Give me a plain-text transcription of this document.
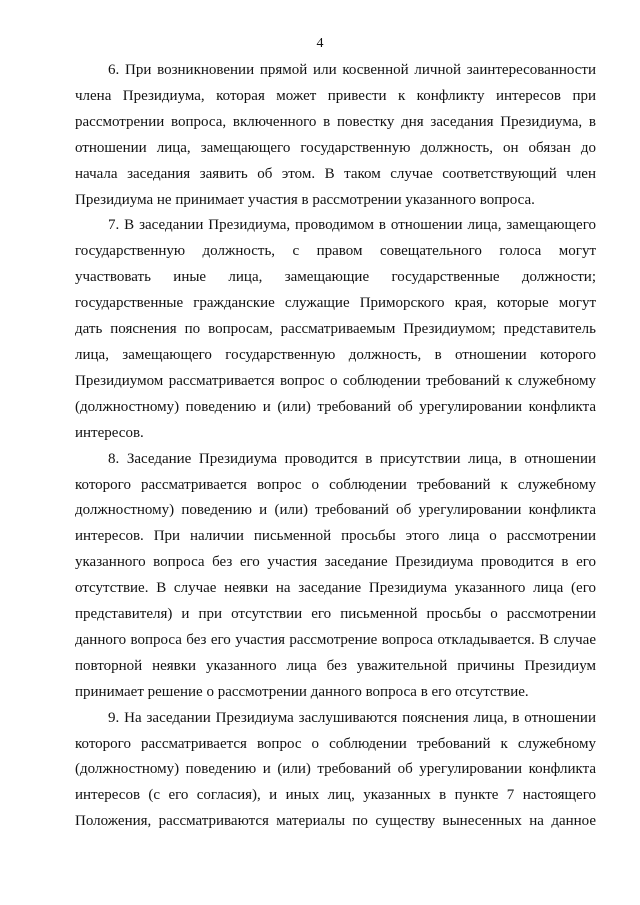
4

6. При возникновении прямой или косвенной личной заинтересованности
члена Президиума, которая может привести к конфликту интересов при
рассмотрении вопроса, включенного в повестку дня заседания Президиума, в
отношении лица, замещающего государственную должность, он обязан до
начала заседания заявить об этом. В таком случае соответствующий член
Президиума не принимает участия в рассмотрении указанного вопроса.

7. В заседании Президиума, проводимом в отношении лица, замещающего
государственную должность, с правом совещательного голоса могут
участвовать иные лица, замещающие государственные должности;
государственные гражданские служащие Приморского края, которые могут
дать пояснения по вопросам, рассматриваемым Президиумом; представитель
лица, замещающего государственную должность, в отношении которого
Президиумом рассматривается вопрос о соблюдении требований к служебному
(должностному) поведению и (или) требований об урегулировании конфликта
интересов.

8. Заседание Президиума проводится в присутствии лица, в отношении
которого рассматривается вопрос о соблюдении требований к служебному
должностному) поведению и (или) требований об урегулировании конфликта
интересов. При наличии письменной просьбы этого лица о рассмотрении
указанного вопроса без его участия заседание Президиума проводится в его
отсутствие. В случае неявки на заседание Президиума указанного лица (его
представителя) и при отсутствии его письменной просьбы о рассмотрении
данного вопроса без его участия рассмотрение вопроса откладывается. В случае
повторной неявки указанного лица без уважительной причины Президиум
принимает решение о рассмотрении данного вопроса в его отсутствие.

9. На заседании Президиума заслушиваются пояснения лица, в отношении
которого рассматривается вопрос о соблюдении требований к служебному
(должностному) поведению и (или) требований об урегулировании конфликта
интересов (с его согласия), и иных лиц, указанных в пункте 7 настоящего
Положения, рассматриваются материалы по существу вынесенных на данное
